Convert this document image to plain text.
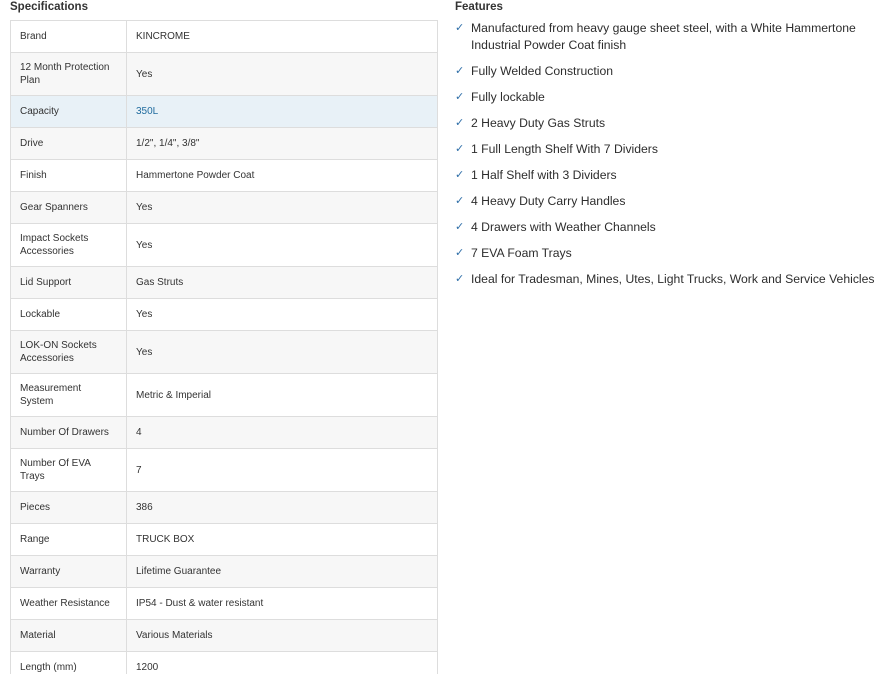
Specifications
Brand	KINCROME
12 Month Protection Plan	Yes
Capacity	350L
Drive	1/2", 1/4", 3/8"
Finish	Hammertone Powder Coat
Gear Spanners	Yes
Impact Sockets Accessories	Yes
Lid Support	Gas Struts
Lockable	Yes
LOK-ON Sockets Accessories	Yes
Measurement System	Metric & Imperial
Number Of Drawers	4
Number Of EVA Trays	7
Pieces	386
Range	TRUCK BOX
Warranty	Lifetime Guarantee
Weather Resistance	IP54 - Dust & water resistant
Material	Various Materials
Length (mm)	1200
Features
✓ Manufactured from heavy gauge sheet steel, with a White Hammertone Industrial Powder Coat finish
✓ Fully Welded Construction
✓ Fully lockable
✓ 2 Heavy Duty Gas Struts
✓ 1 Full Length Shelf With 7 Dividers
✓ 1 Half Shelf with 3 Dividers
✓ 4 Heavy Duty Carry Handles
✓ 4 Drawers with Weather Channels
✓ 7 EVA Foam Trays
✓ Ideal for Tradesman, Mines, Utes, Light Trucks, Work and Service Vehicles
